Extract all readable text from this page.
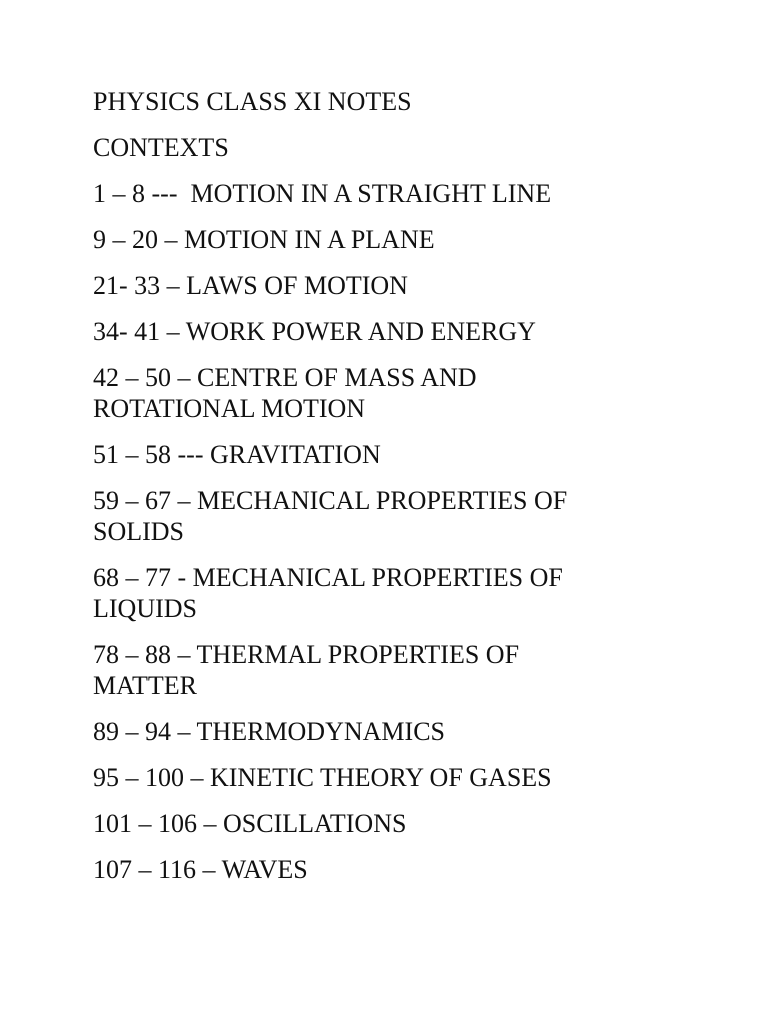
PHYSICS CLASS XI NOTES
CONTEXTS
1 – 8 ---  MOTION IN A STRAIGHT LINE
9 – 20 – MOTION IN A PLANE
21- 33 – LAWS OF MOTION
34- 41 – WORK POWER AND ENERGY
42 – 50 – CENTRE OF MASS AND
ROTATIONAL MOTION
51 – 58 --- GRAVITATION
59 – 67 – MECHANICAL PROPERTIES OF
SOLIDS
68 – 77 - MECHANICAL PROPERTIES OF
LIQUIDS
78 – 88 – THERMAL PROPERTIES OF
MATTER
89 – 94 – THERMODYNAMICS
95 – 100 – KINETIC THEORY OF GASES
101 – 106 – OSCILLATIONS
107 – 116 – WAVES
